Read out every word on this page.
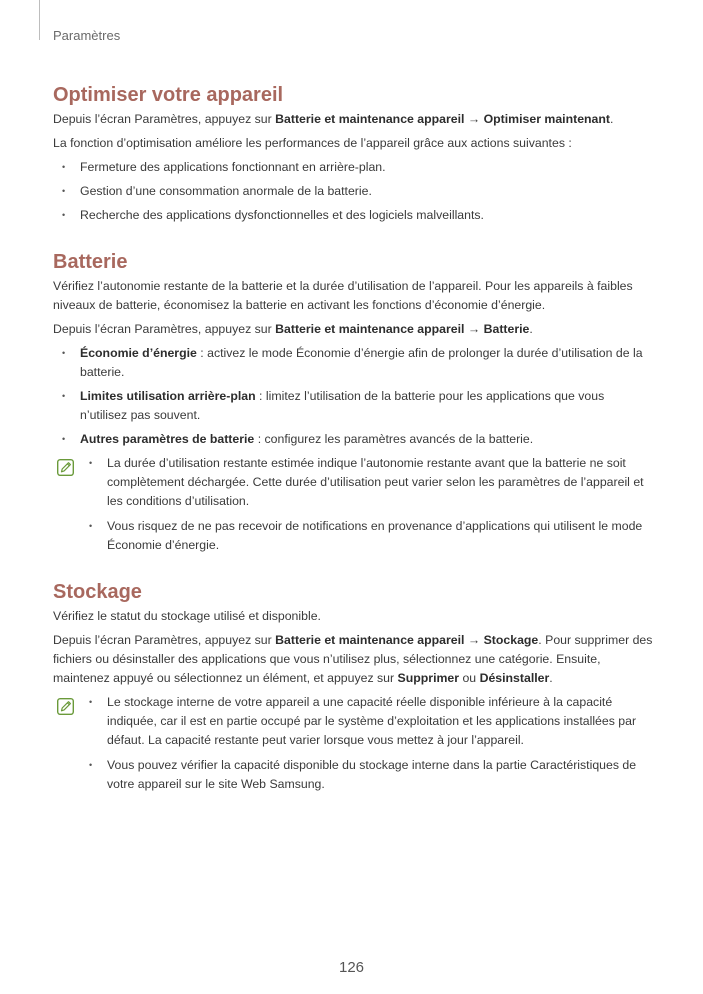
Paramètres
Optimiser votre appareil

Depuis l’écran Paramètres, appuyez sur Batterie et maintenance appareil → Optimiser maintenant.

La fonction d’optimisation améliore les performances de l’appareil grâce aux actions suivantes :

• Fermeture des applications fonctionnant en arrière-plan.
• Gestion d’une consommation anormale de la batterie.
• Recherche des applications dysfonctionnelles et des logiciels malveillants.
Batterie

Vérifiez l’autonomie restante de la batterie et la durée d’utilisation de l’appareil. Pour les appareils à faibles niveaux de batterie, économisez la batterie en activant les fonctions d’économie d’énergie.

Depuis l’écran Paramètres, appuyez sur Batterie et maintenance appareil → Batterie.

• Économie d’énergie : activez le mode Économie d’énergie afin de prolonger la durée d’utilisation de la batterie.
• Limites utilisation arrière-plan : limitez l’utilisation de la batterie pour les applications que vous n’utilisez pas souvent.
• Autres paramètres de batterie : configurez les paramètres avancés de la batterie.
• La durée d’utilisation restante estimée indique l’autonomie restante avant que la batterie ne soit complètement déchargée. Cette durée d’utilisation peut varier selon les paramètres de l’appareil et les conditions d’utilisation.
• Vous risquez de ne pas recevoir de notifications en provenance d’applications qui utilisent le mode Économie d’énergie.
Stockage

Vérifiez le statut du stockage utilisé et disponible.

Depuis l’écran Paramètres, appuyez sur Batterie et maintenance appareil → Stockage. Pour supprimer des fichiers ou désinstaller des applications que vous n’utilisez plus, sélectionnez une catégorie. Ensuite, maintenez appuyé ou sélectionnez un élément, et appuyez sur Supprimer ou Désinstaller.

• Le stockage interne de votre appareil a une capacité réelle disponible inférieure à la capacité indiquée, car il est en partie occupé par le système d’exploitation et les applications installées par défaut. La capacité restante peut varier lorsque vous mettez à jour l’appareil.
• Vous pouvez vérifier la capacité disponible du stockage interne dans la partie Caractéristiques de votre appareil sur le site Web Samsung.
126
